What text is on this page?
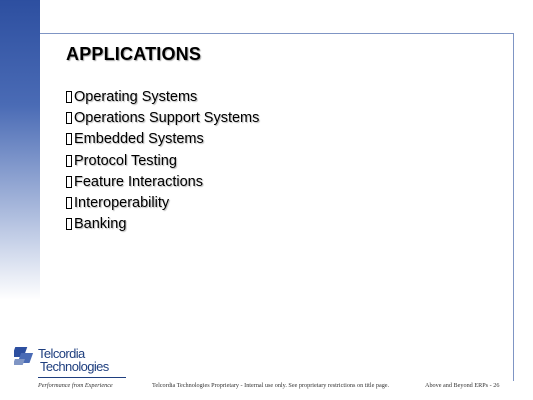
APPLICATIONS
Operating Systems
Operations Support Systems
Embedded Systems
Protocol Testing
Feature Interactions
Interoperability
Banking
Telcordia
Technologies
Performance from Experience	Telcordia Technologies Proprietary - Internal use only. See proprietary restrictions on title page.	Above and Beyond ERPs - 26
